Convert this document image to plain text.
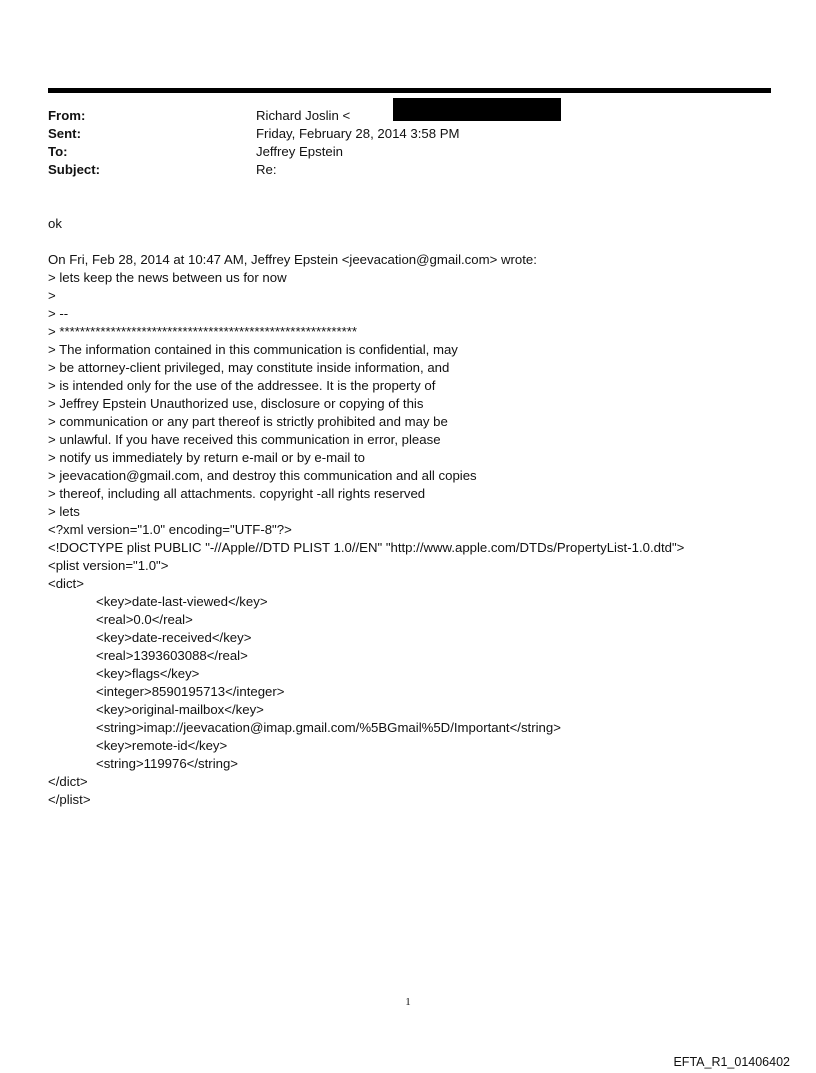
From:	Richard Joslin <
Sent:	Friday, February 28, 2014 3:58 PM
To:	Jeffrey Epstein
Subject:	Re:
ok
On Fri, Feb 28, 2014 at 10:47 AM, Jeffrey Epstein <jeevacation@gmail.com> wrote:
> lets keep the news between us for now
>
> --
> **********************************************************
> The information contained in this communication is confidential, may
> be attorney-client privileged, may constitute inside information, and
> is intended only for the use of the addressee. It is the property of
> Jeffrey Epstein Unauthorized use, disclosure or copying of this
> communication or any part thereof is strictly prohibited and may be
> unlawful. If you have received this communication in error, please
> notify us immediately by return e-mail or by e-mail to
> jeevacation@gmail.com, and destroy this communication and all copies
> thereof, including all attachments. copyright -all rights reserved
> lets
<?xml version="1.0" encoding="UTF-8"?>
<!DOCTYPE plist PUBLIC "-//Apple//DTD PLIST 1.0//EN" "http://www.apple.com/DTDs/PropertyList-1.0.dtd">
<plist version="1.0">
<dict>
<key>date-last-viewed</key>
<real>0.0</real>
<key>date-received</key>
<real>1393603088</real>
<key>flags</key>
<integer>8590195713</integer>
<key>original-mailbox</key>
<string>imap://jeevacation@imap.gmail.com/%5BGmail%5D/Important</string>
<key>remote-id</key>
<string>119976</string>
</dict>
</plist>
1
EFTA_R1_01406402
